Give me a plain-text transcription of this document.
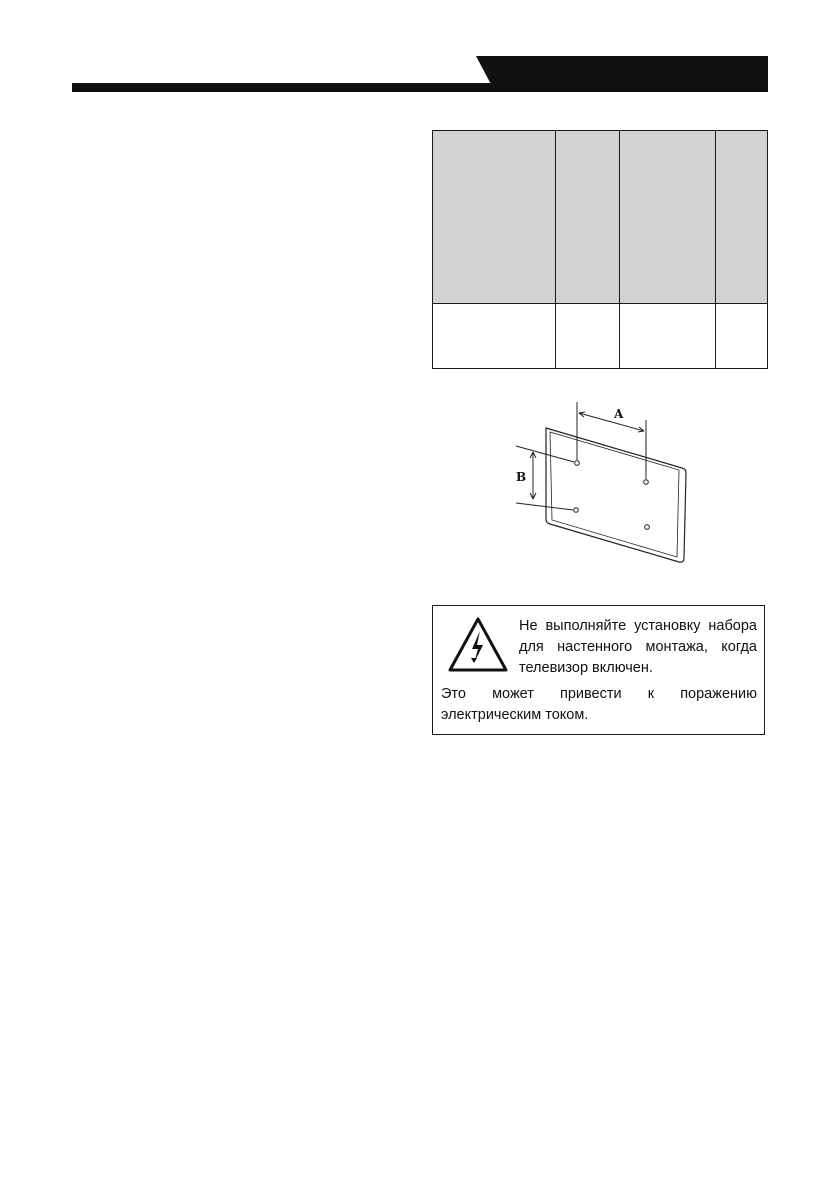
A
B
Не выполняйте установку набора для настенного монтажа, когда телевизор включен.
Это может привести к поражению электрическим током.
